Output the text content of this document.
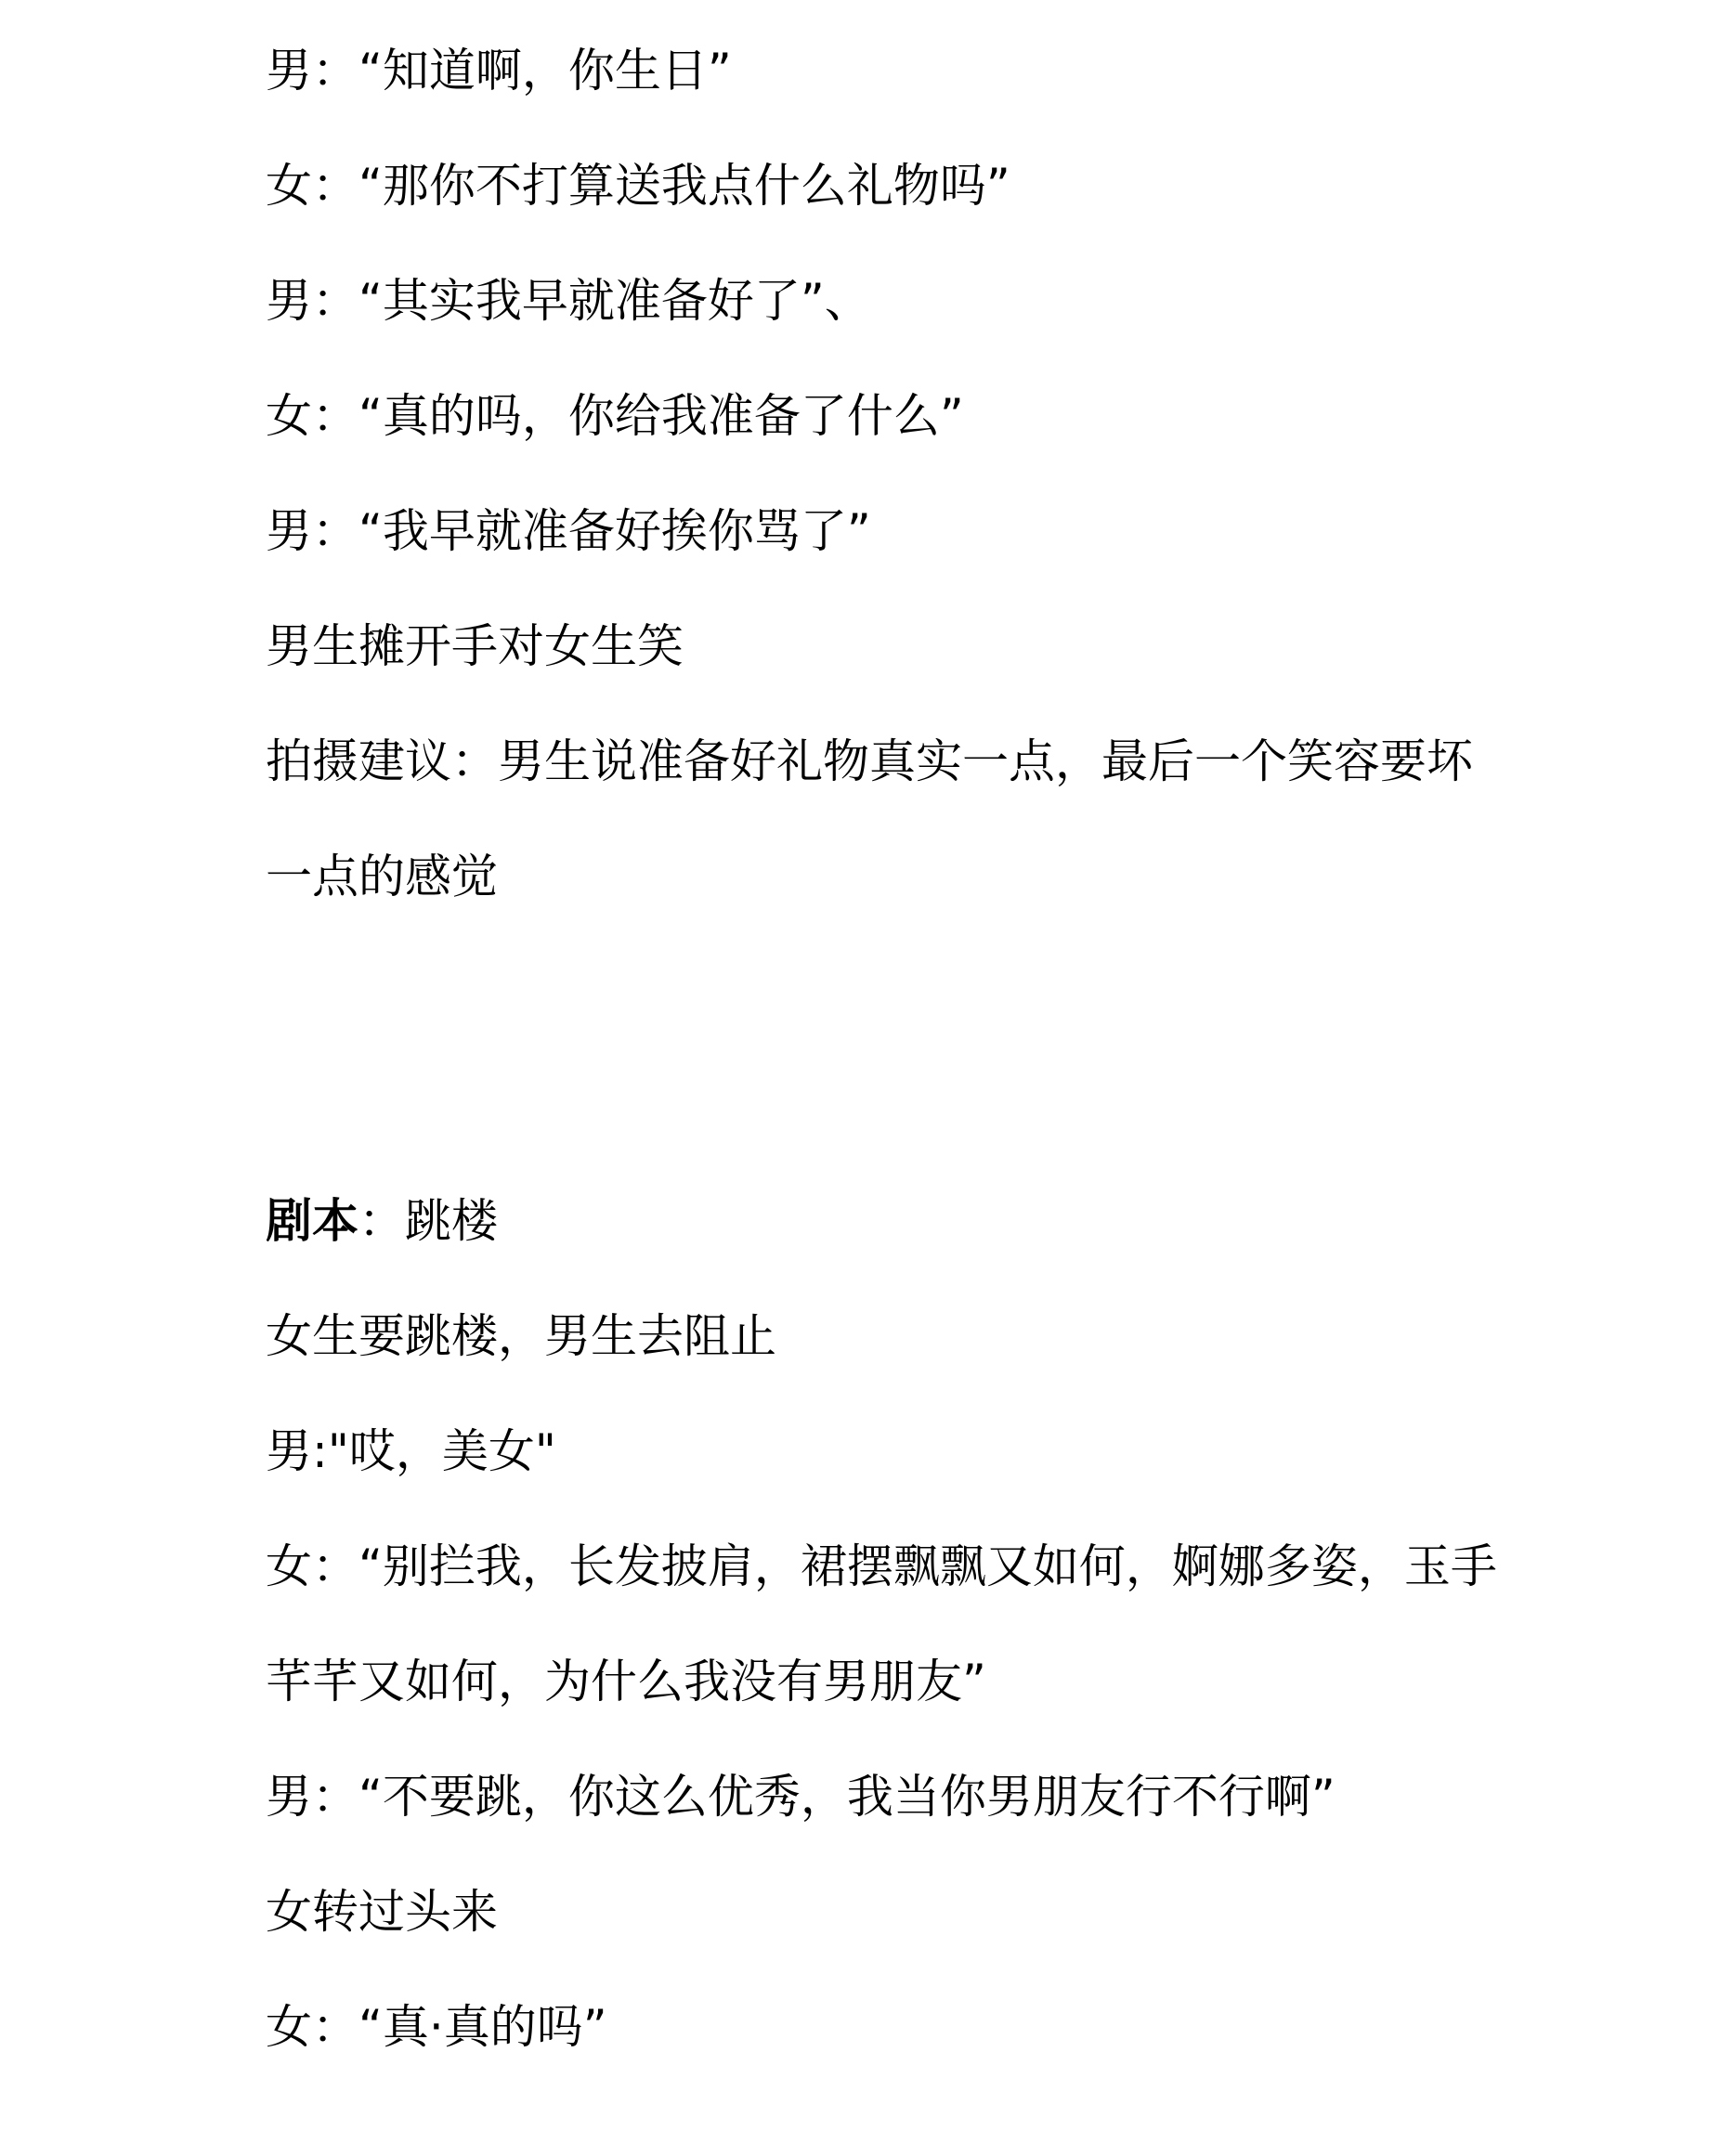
男：“知道啊，你生日”
女：“那你不打算送我点什么礼物吗”
男：“其实我早就准备好了”、
女：“真的吗，你给我准备了什么”
男：“我早就准备好挨你骂了”
男生摊开手对女生笑
拍摄建议：男生说准备好礼物真实一点，最后一个笑容要坏
一点的感觉
剧本：跳楼
女生要跳楼，男生去阻止
男:"哎，美女"
女：“别拦我，长发披肩，裙摆飘飘又如何，婀娜多姿，玉手
芊芊又如何，为什么我没有男朋友”
男：“不要跳，你这么优秀，我当你男朋友行不行啊”
女转过头来
女：“真·真的吗”
